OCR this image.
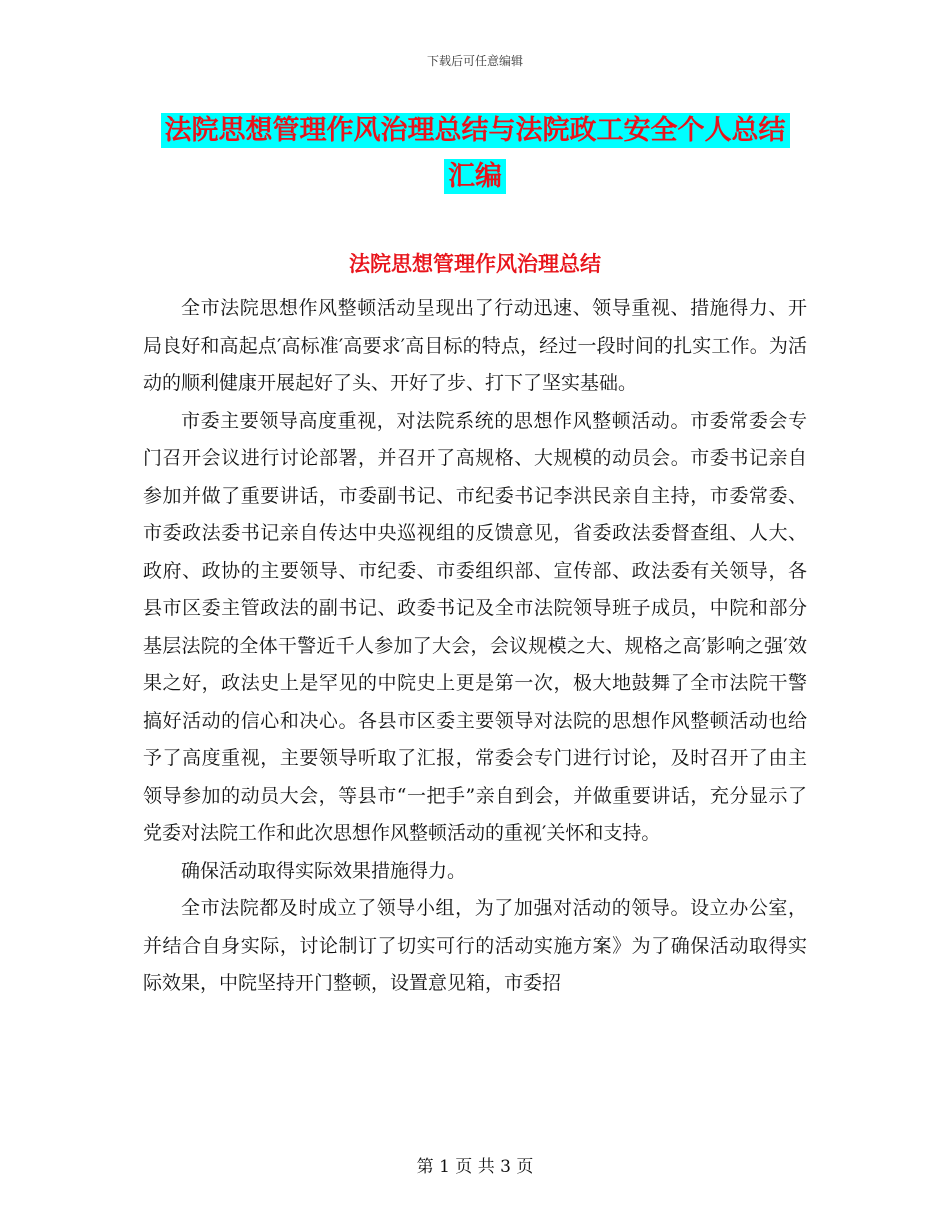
下载后可任意编辑
法院思想管理作风治理总结与法院政工安全个人总结
汇编
法院思想管理作风治理总结

全市法院思想作风整顿活动呈现出了行动迅速、领导重视、措施得力、开局良好和高起点′高标准′高要求′高目标的特点，经过一段时间的扎实工作。为活动的顺利健康开展起好了头、开好了步、打下了坚实基础。

市委主要领导高度重视，对法院系统的思想作风整顿活动。市委常委会专门召开会议进行讨论部署，并召开了高规格、大规模的动员会。市委书记亲自参加并做了重要讲话，市委副书记、市纪委书记李洪民亲自主持，市委常委、市委政法委书记亲自传达中央巡视组的反馈意见，省委政法委督查组、人大、政府、政协的主要领导、市纪委、市委组织部、宣传部、政法委有关领导，各县市区委主管政法的副书记、政委书记及全市法院领导班子成员，中院和部分基层法院的全体干警近千人参加了大会，会议规模之大、规格之高′影响之强′效果之好，政法史上是罕见的中院史上更是第一次，极大地鼓舞了全市法院干警搞好活动的信心和决心。各县市区委主要领导对法院的思想作风整顿活动也给予了高度重视，主要领导听取了汇报，常委会专门进行讨论，及时召开了由主领导参加的动员大会，等县市“一把手”亲自到会，并做重要讲话，充分显示了党委对法院工作和此次思想作风整顿活动的重视′关怀和支持。

确保活动取得实际效果措施得力。

全市法院都及时成立了领导小组，为了加强对活动的领导。设立办公室，并结合自身实际，讨论制订了切实可行的活动实施方案》为了确保活动取得实际效果，中院坚持开门整顿，设置意见箱，市委招

第 1 页 共 3 页
